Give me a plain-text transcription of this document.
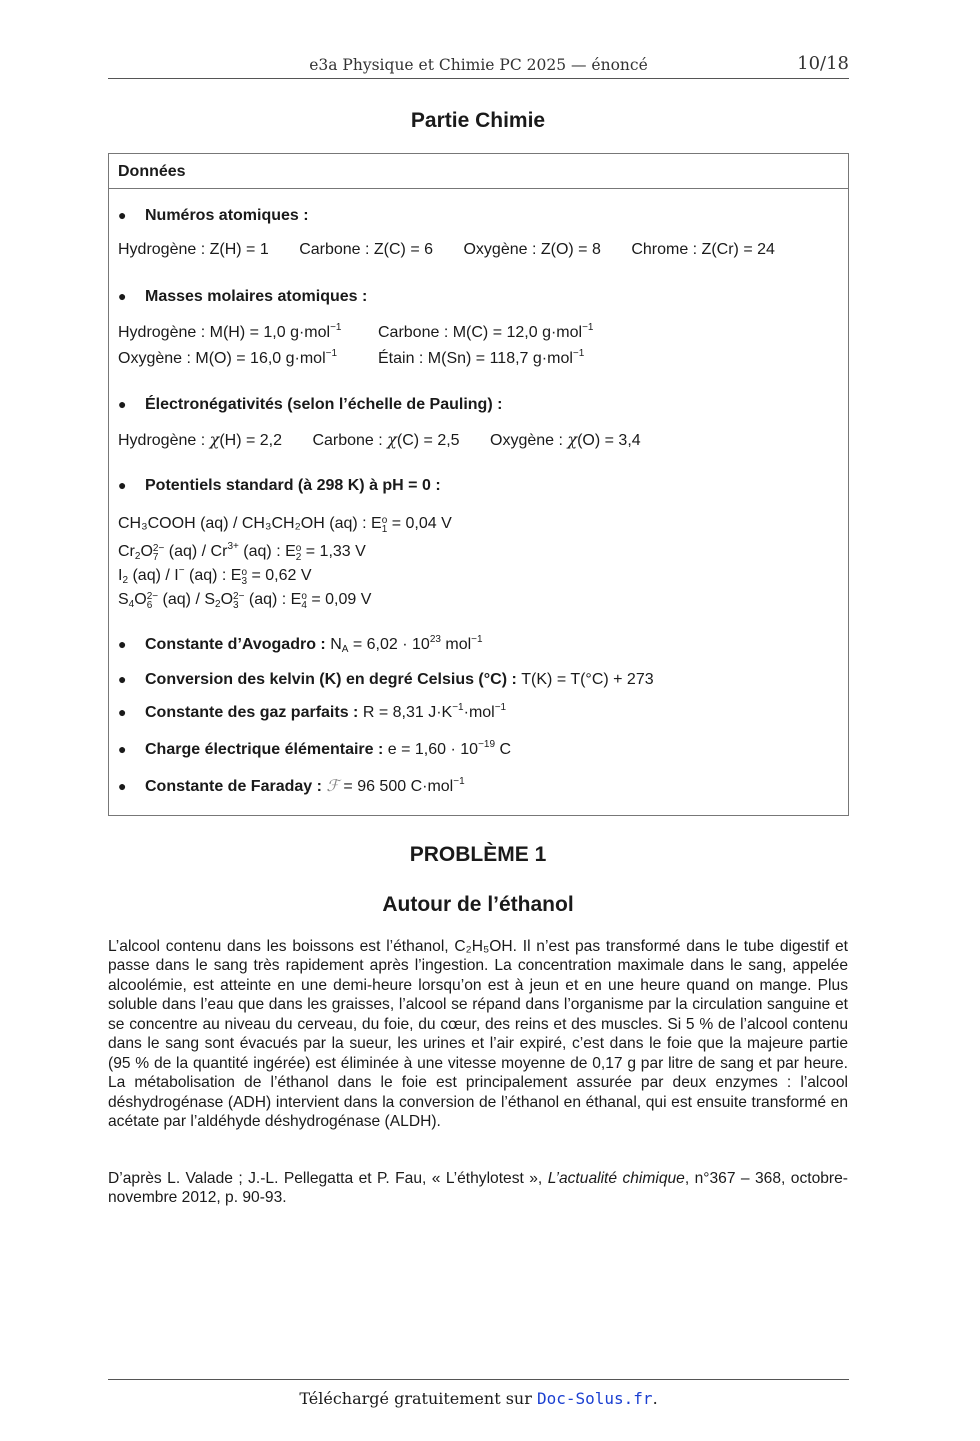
e3a Physique et Chimie PC 2025 — énoncé	10/18
Partie Chimie
Données
● Numéros atomiques :
Hydrogène : Z(H) = 1 Carbone : Z(C) = 6 Oxygène : Z(O) = 8 Chrome : Z(Cr) = 24
● Masses molaires atomiques :
Hydrogène : M(H) = 1,0 g·mol$^{-1}$ Carbone : M(C) = 12,0 g·mol$^{-1}$
Oxygène : M(O) = 16,0 g·mol$^{-1}$	Étain : M(Sn) = 118,7 g·mol$^{-1}$
● Électronégativités (selon l’échelle de Pauling) :
Hydrogène : χ(H) = 2,2 Carbone : χ(C) = 2,5 Oxygène : χ(O) = 3,4
● Potentiels standard (à 298 K) à pH = 0 :
CH₃COOH (aq) / CH₃CH₂OH (aq) : Eo
1 = 0,04 V
$Cr_2O2-$
7 $(aq) / Cr^{3+}$ (aq) : Eo
2 = 1,33 V
$I_2$ (aq) / I− (aq) : Eo
3 = 0,62 V
$S_4O2-$
6 $(aq) / S_2O2-$
3 (aq) : Eo
4 = 0,09 V
● Constante d’Avogadro : $N_A = 6,02 \cdot 10^{23}$ mol$^{-1}$
● Conversion des kelvin (K) en degré Celsius (°C) : T(K) = T(°C) + 273
● Constante des gaz parfaits : R = 8,31 $J\cdot K^{-1}\cdot mol^{-1}$
● Charge électrique élémentaire : $e = 1,60 \cdot 10^{-19}$ C
● Constante de Faraday : ℱ = 96 500 C·mol$^{-1}$
PROBLÈME 1
Autour de l’éthanol
L’alcool contenu dans les boissons est l’éthanol, C₂H₅OH. Il n’est pas transformé dans le tube digestif et passe dans le sang très rapidement après l’ingestion. La concentration maximale dans le sang, appelée alcoolémie, est atteinte en une demi-heure lorsqu’on est à jeun et en une heure quand on mange. Plus soluble dans l’eau que dans les graisses, l’alcool se répand dans l’organisme par la circulation sanguine et se concentre au niveau du cerveau, du foie, du cœur, des reins et des muscles. Si 5 % de l’alcool contenu dans le sang sont évacués par la sueur, les urines et l’air expiré, c’est dans le foie que la majeure partie (95 % de la quantité ingérée) est éliminée à une vitesse moyenne de 0,17 g par litre de sang et par heure. La métabolisation de l’éthanol dans le foie est principalement assurée par deux enzymes : l’alcool déshydrogénase (ADH) intervient dans la conversion de l’éthanol en éthanal, qui est ensuite transformé en acétate par l’aldéhyde déshydrogénase (ALDH).
D’après L. Valade ; J.-L. Pellegatta et P. Fau, « L’éthylotest », L’actualité chimique, n°367 – 368, octobre-novembre 2012, p. 90-93.
Téléchargé gratuitement sur Doc-Solus.fr.
